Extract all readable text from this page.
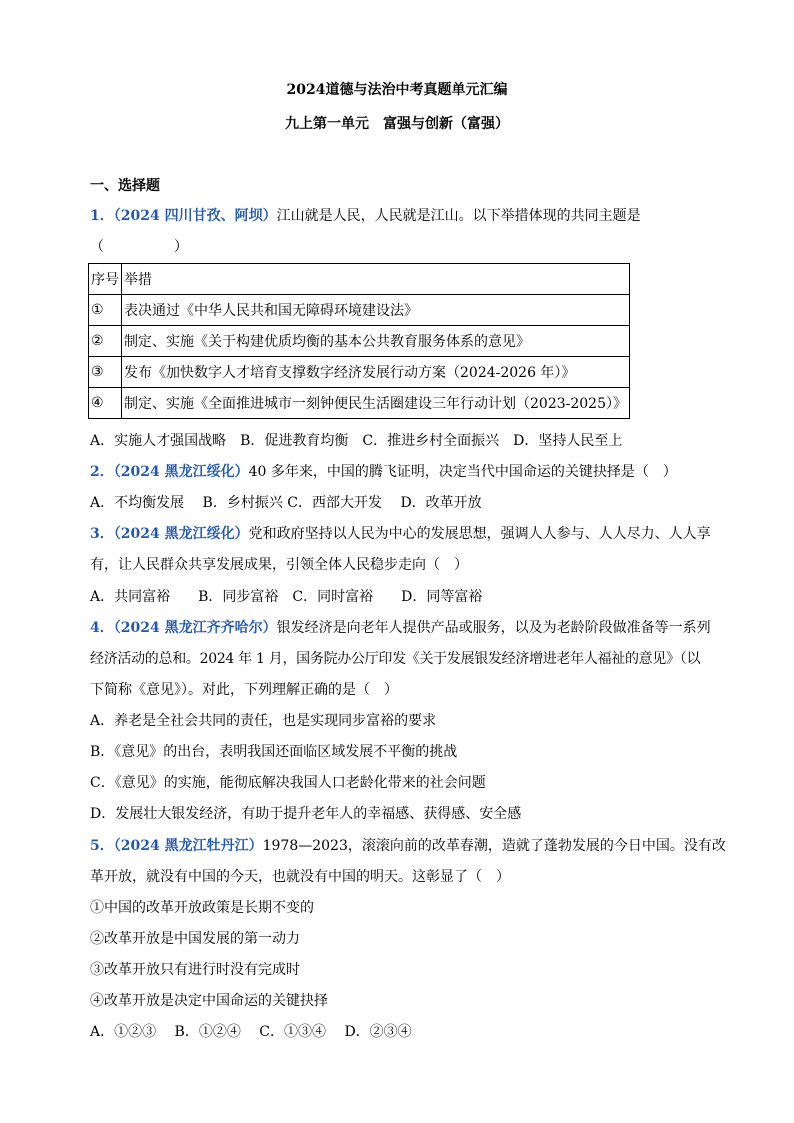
2024道德与法治中考真题单元汇编
九上第一单元　富强与创新（富强）
一、选择题
1．（2024 四川甘孜、阿坝）江山就是人民，人民就是江山。以下举措体现的共同主题是
（　　　　　）
序号	举措
①	表决通过《中华人民共和国无障碍环境建设法》
②	制定、实施《关于构建优质均衡的基本公共教育服务体系的意见》
③	发布《加快数字人才培育支撑数字经济发展行动方案（2024-2026 年）》
④	制定、实施《全面推进城市一刻钟便民生活圈建设三年行动计划（2023-2025）》
A．实施人才强国战略　B．促进教育均衡　C．推进乡村全面振兴　D．坚持人民至上
2．（2024 黑龙江绥化）40 多年来，中国的腾飞证明，决定当代中国命运的关键抉择是（　）
A．不均衡发展　 B．乡村振兴 C．西部大开发　 D．改革开放
3．（2024 黑龙江绥化）党和政府坚持以人民为中心的发展思想，强调人人参与、人人尽力、人人享
有，让人民群众共享发展成果，引领全体人民稳步走向（　）
A．共同富裕　　B．同步富裕　C．同时富裕　　D．同等富裕
4．（2024 黑龙江齐齐哈尔）银发经济是向老年人提供产品或服务，以及为老龄阶段做准备等一系列
经济活动的总和。2024 年 1 月，国务院办公厅印发《关于发展银发经济增进老年人福祉的意见》（以
下简称《意见》）。对此，下列理解正确的是（　）
A．养老是全社会共同的责任，也是实现同步富裕的要求
B．《意见》的出台，表明我国还面临区域发展不平衡的挑战
C．《意见》的实施，能彻底解决我国人口老龄化带来的社会问题
D．发展壮大银发经济，有助于提升老年人的幸福感、获得感、安全感
5．（2024 黑龙江牡丹江）1978—2023，滚滚向前的改革春潮，造就了蓬勃发展的今日中国。没有改
革开放，就没有中国的今天，也就没有中国的明天。这彰显了（　）
①中国的改革开放政策是长期不变的
②改革开放是中国发展的第一动力
③改革开放只有进行时没有完成时
④改革开放是决定中国命运的关键抉择
A．①②③　 B．①②④　 C．①③④　 D．②③④
